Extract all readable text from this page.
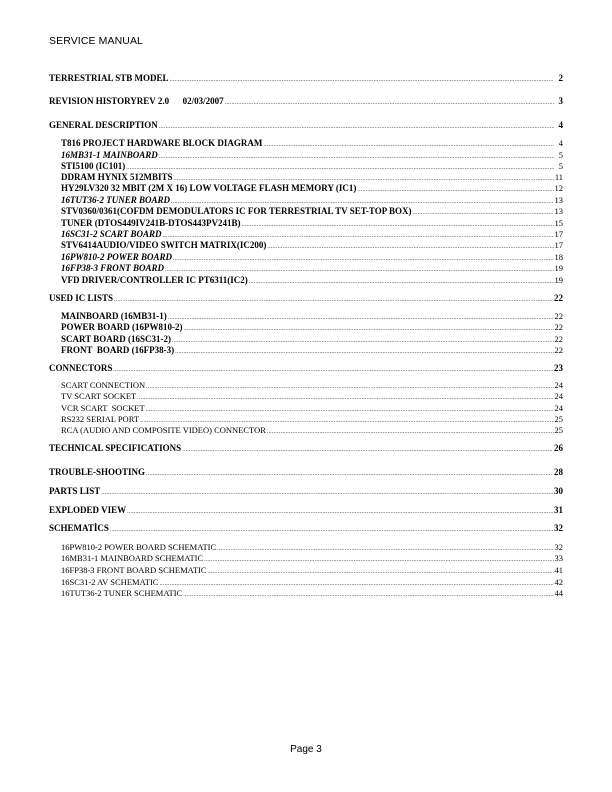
SERVICE MANUAL
TERRESTRIAL STB MODEL .....	2
REVISION HISTORYREV 2.0      02/03/2007 .....	3
GENERAL DESCRIPTION .....	4
T816 PROJECT HARDWARE BLOCK DIAGRAM .....	4
16MB31-1 MAINBOARD .....	5
STI5100 (IC101) .....	5
DDRAM HYNIX 512MBITS .....	11
HY29LV320 32 MBIT (2M X 16) LOW VOLTAGE FLASH MEMORY (IC1) .....	12
16TUT36-2 TUNER BOARD .....	13
STV0360/0361(COFDM DEMODULATORS IC FOR TERRESTRIAL TV SET-TOP BOX) .....	13
TUNER (DTOS449IV241B-DTOS443PV241B) .....	15
16SC31-2 SCART BOARD .....	17
STV6414AUDIO/VIDEO SWITCH MATRIX(IC200) .....	17
16PW810-2 POWER BOARD .....	18
16FP38-3 FRONT BOARD .....	19
VFD DRIVER/CONTROLLER IC PT6311(IC2) .....	19
USED IC LISTS .....	22
MAINBOARD (16MB31-1) .....	22
POWER BOARD (16PW810-2) .....	22
SCART BOARD (16SC31-2) .....	22
FRONT  BOARD (16FP38-3) .....	22
CONNECTORS .....	23
SCART CONNECTION .....	24
TV SCART SOCKET .....	24
VCR SCART  SOCKET .....	24
RS232 SERIAL PORT .....	25
RCA (AUDIO AND COMPOSITE VIDEO) CONNECTOR .....	25
TECHNICAL SPECIFICATIONS .....	26
TROUBLE-SHOOTING .....	28
PARTS LIST .....	30
EXPLODED VIEW .....	31
SCHEMATİCS .....	32
16PW810-2 POWER BOARD SCHEMATIC .....	32
16MB31-1 MAINBOARD SCHEMATIC .....	33
16FP38-3 FRONT BOARD SCHEMATIC .....	41
16SC31-2 AV SCHEMATIC .....	42
16TUT36-2 TUNER SCHEMATIC .....	44
Page 3
